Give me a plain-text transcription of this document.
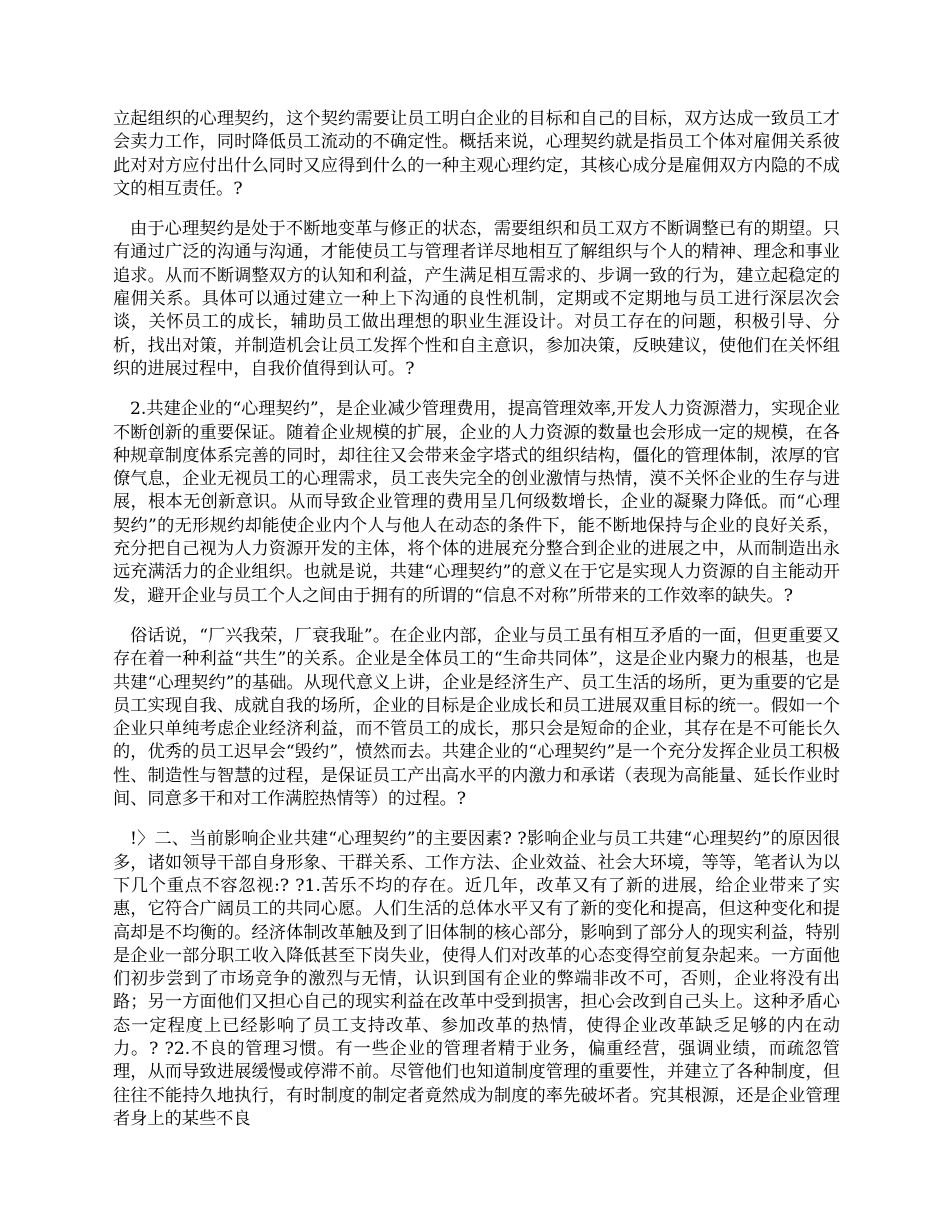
立起组织的心理契约，这个契约需要让员工明白企业的目标和自己的目标，双方达成一致员工才会卖力工作，同时降低员工流动的不确定性。概括来说，心理契约就是指员工个体对雇佣关系彼此对对方应付出什么同时又应得到什么的一种主观心理约定，其核心成分是雇佣双方内隐的不成文的相互责任。?

由于心理契约是处于不断地变革与修正的状态，需要组织和员工双方不断调整已有的期望。只有通过广泛的沟通与沟通，才能使员工与管理者详尽地相互了解组织与个人的精神、理念和事业追求。从而不断调整双方的认知和利益，产生满足相互需求的、步调一致的行为，建立起稳定的雇佣关系。具体可以通过建立一种上下沟通的良性机制，定期或不定期地与员工进行深层次会谈，关怀员工的成长，辅助员工做出理想的职业生涯设计。对员工存在的问题，积极引导、分析，找出对策，并制造机会让员工发挥个性和自主意识，参加决策，反映建议，使他们在关怀组织的进展过程中，自我价值得到认可。?

2.共建企业的“心理契约”，是企业减少管理费用，提高管理效率,开发人力资源潜力，实现企业不断创新的重要保证。随着企业规模的扩展，企业的人力资源的数量也会形成一定的规模，在各种规章制度体系完善的同时，却往往又会带来金字塔式的组织结构，僵化的管理体制，浓厚的官僚气息，企业无视员工的心理需求，员工丧失完全的创业激情与热情，漠不关怀企业的生存与进展，根本无创新意识。从而导致企业管理的费用呈几何级数增长，企业的凝聚力降低。而“心理契约”的无形规约却能使企业内个人与他人在动态的条件下，能不断地保持与企业的良好关系，充分把自己视为人力资源开发的主体，将个体的进展充分整合到企业的进展之中，从而制造出永远充满活力的企业组织。也就是说，共建“心理契约”的意义在于它是实现人力资源的自主能动开发，避开企业与员工个人之间由于拥有的所谓的“信息不对称”所带来的工作效率的缺失。?

俗话说，“厂兴我荣，厂衰我耻”。在企业内部，企业与员工虽有相互矛盾的一面，但更重要又存在着一种利益“共生”的关系。企业是全体员工的“生命共同体”，这是企业内聚力的根基，也是共建“心理契约”的基础。从现代意义上讲，企业是经济生产、员工生活的场所，更为重要的它是员工实现自我、成就自我的场所，企业的目标是企业成长和员工进展双重目标的统一。假如一个企业只单纯考虑企业经济利益，而不管员工的成长，那只会是短命的企业，其存在是不可能长久的，优秀的员工迟早会“毁约”，愤然而去。共建企业的“心理契约”是一个充分发挥企业员工积极性、制造性与智慧的过程，是保证员工产出高水平的内激力和承诺（表现为高能量、延长作业时间、同意多干和对工作满腔热情等）的过程。?

!〉二、当前影响企业共建“心理契约”的主要因素? ?影响企业与员工共建“心理契约”的原因很多，诸如领导干部自身形象、干群关系、工作方法、企业效益、社会大环境，等等，笔者认为以下几个重点不容忽视:? ?1.苦乐不均的存在。近几年，改革又有了新的进展，给企业带来了实惠，它符合广阔员工的共同心愿。人们生活的总体水平又有了新的变化和提高，但这种变化和提高却是不均衡的。经济体制改革触及到了旧体制的核心部分，影响到了部分人的现实利益，特别是企业一部分职工收入降低甚至下岗失业，使得人们对改革的心态变得空前复杂起来。一方面他们初步尝到了市场竞争的激烈与无情，认识到国有企业的弊端非改不可，否则，企业将没有出路；另一方面他们又担心自己的现实利益在改革中受到损害，担心会改到自己头上。这种矛盾心态一定程度上已经影响了员工支持改革、参加改革的热情，使得企业改革缺乏足够的内在动力。? ?2.不良的管理习惯。有一些企业的管理者精于业务，偏重经营，强调业绩，而疏忽管理，从而导致进展缓慢或停滞不前。尽管他们也知道制度管理的重要性，并建立了各种制度，但往往不能持久地执行，有时制度的制定者竟然成为制度的率先破坏者。究其根源，还是企业管理者身上的某些不良
